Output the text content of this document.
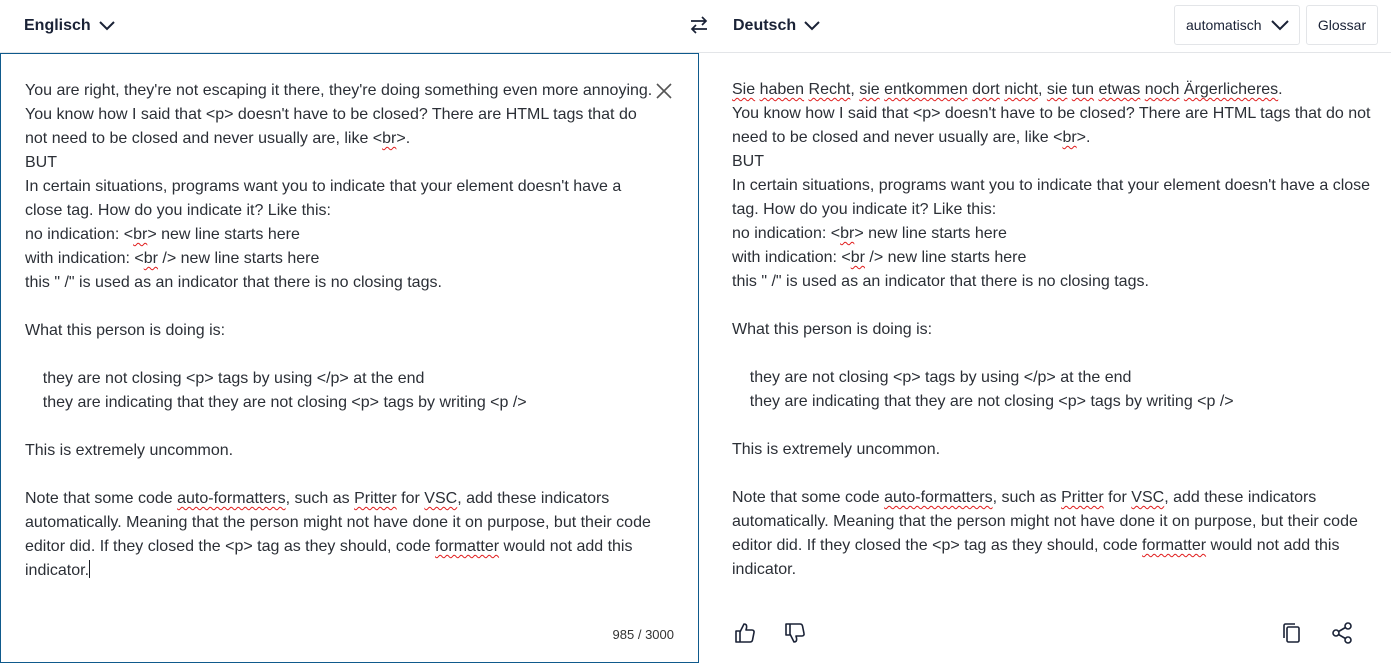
Englisch	Deutsch	automatisch	Glossar
You are right, they're not escaping it there, they're doing something even more annoying.
You know how I said that <p> doesn't have to be closed? There are HTML tags that do
not need to be closed and never usually are, like <br>.
BUT
In certain situations, programs want you to indicate that your element doesn't have a
close tag. How do you indicate it? Like this:
no indication: <br> new line starts here
with indication: <br /> new line starts here
this " /" is used as an indicator that there is no closing tags.
What this person is doing is:
they are not closing <p> tags by using </p> at the end
they are indicating that they are not closing <p> tags by writing <p />
This is extremely uncommon.
Note that some code auto-formatters, such as Pritter for VSC, add these indicators
automatically. Meaning that the person might not have done it on purpose, but their code
editor did. If they closed the <p> tag as they should, code formatter would not add this
indicator.
985 / 3000
Sie haben Recht, sie entkommen dort nicht, sie tun etwas noch Ärgerlicheres.
You know how I said that <p> doesn't have to be closed? There are HTML tags that do not
need to be closed and never usually are, like <br>.
BUT
In certain situations, programs want you to indicate that your element doesn't have a close
tag. How do you indicate it? Like this:
no indication: <br> new line starts here
with indication: <br /> new line starts here
this " /" is used as an indicator that there is no closing tags.
What this person is doing is:
they are not closing <p> tags by using </p> at the end
they are indicating that they are not closing <p> tags by writing <p />
This is extremely uncommon.
Note that some code auto-formatters, such as Pritter for VSC, add these indicators
automatically. Meaning that the person might not have done it on purpose, but their code
editor did. If they closed the <p> tag as they should, code formatter would not add this
indicator.
